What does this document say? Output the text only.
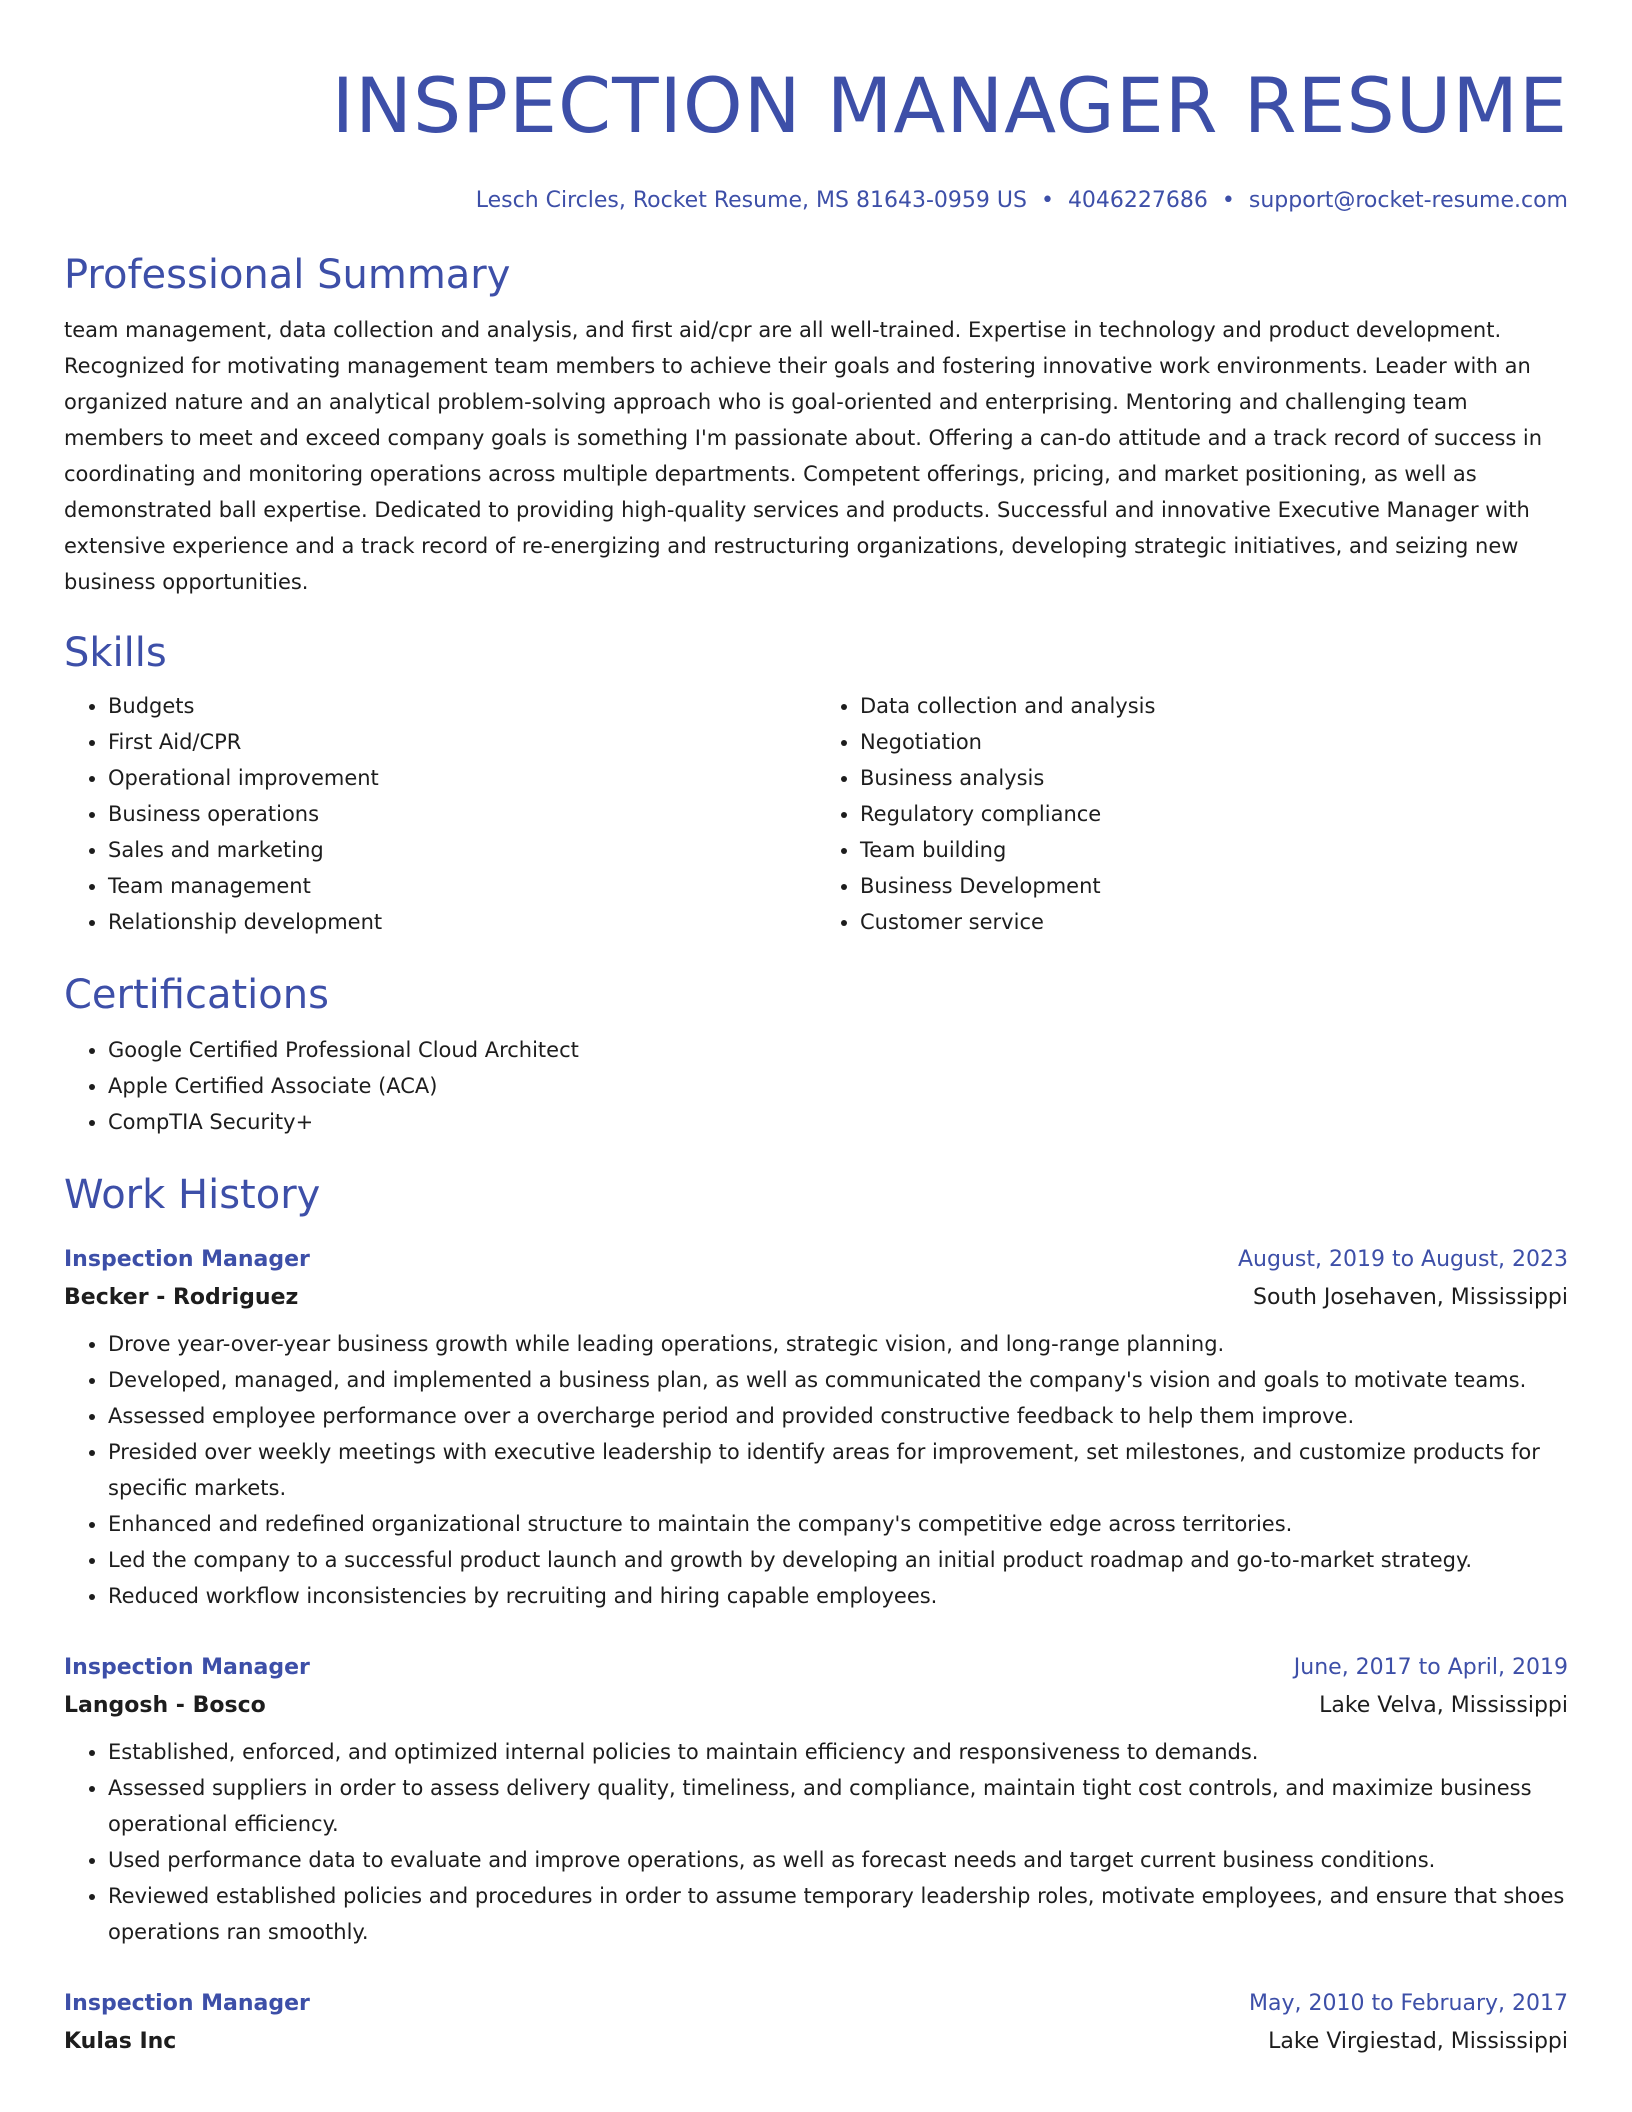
INSPECTION MANAGER RESUME
Lesch Circles, Rocket Resume, MS 81643-0959 US • 4046227686 • support@rocket-resume.com
Professional Summary
team management, data collection and analysis, and first aid/cpr are all well-trained. Expertise in technology and product development. Recognized for motivating management team members to achieve their goals and fostering innovative work environments. Leader with an organized nature and an analytical problem-solving approach who is goal-oriented and enterprising. Mentoring and challenging team members to meet and exceed company goals is something I'm passionate about. Offering a can-do attitude and a track record of success in coordinating and monitoring operations across multiple departments. Competent offerings, pricing, and market positioning, as well as demonstrated ball expertise. Dedicated to providing high-quality services and products. Successful and innovative Executive Manager with extensive experience and a track record of re-energizing and restructuring organizations, developing strategic initiatives, and seizing new business opportunities.
Skills
• Budgets
• First Aid/CPR
• Operational improvement
• Business operations
• Sales and marketing
• Team management
• Relationship development
• Data collection and analysis
• Negotiation
• Business analysis
• Regulatory compliance
• Team building
• Business Development
• Customer service
Certifications
• Google Certified Professional Cloud Architect
• Apple Certified Associate (ACA)
• CompTIA Security+
Work History
Inspection Manager	August, 2019 to August, 2023
Becker - Rodriguez	South Josehaven, Mississippi
• Drove year-over-year business growth while leading operations, strategic vision, and long-range planning.
• Developed, managed, and implemented a business plan, as well as communicated the company's vision and goals to motivate teams.
• Assessed employee performance over a overcharge period and provided constructive feedback to help them improve.
• Presided over weekly meetings with executive leadership to identify areas for improvement, set milestones, and customize products for specific markets.
• Enhanced and redefined organizational structure to maintain the company's competitive edge across territories.
• Led the company to a successful product launch and growth by developing an initial product roadmap and go-to-market strategy.
• Reduced workflow inconsistencies by recruiting and hiring capable employees.
Inspection Manager	June, 2017 to April, 2019
Langosh - Bosco	Lake Velva, Mississippi
• Established, enforced, and optimized internal policies to maintain efficiency and responsiveness to demands.
• Assessed suppliers in order to assess delivery quality, timeliness, and compliance, maintain tight cost controls, and maximize business operational efficiency.
• Used performance data to evaluate and improve operations, as well as forecast needs and target current business conditions.
• Reviewed established policies and procedures in order to assume temporary leadership roles, motivate employees, and ensure that shoes operations ran smoothly.
Inspection Manager	May, 2010 to February, 2017
Kulas Inc	Lake Virgiestad, Mississippi
